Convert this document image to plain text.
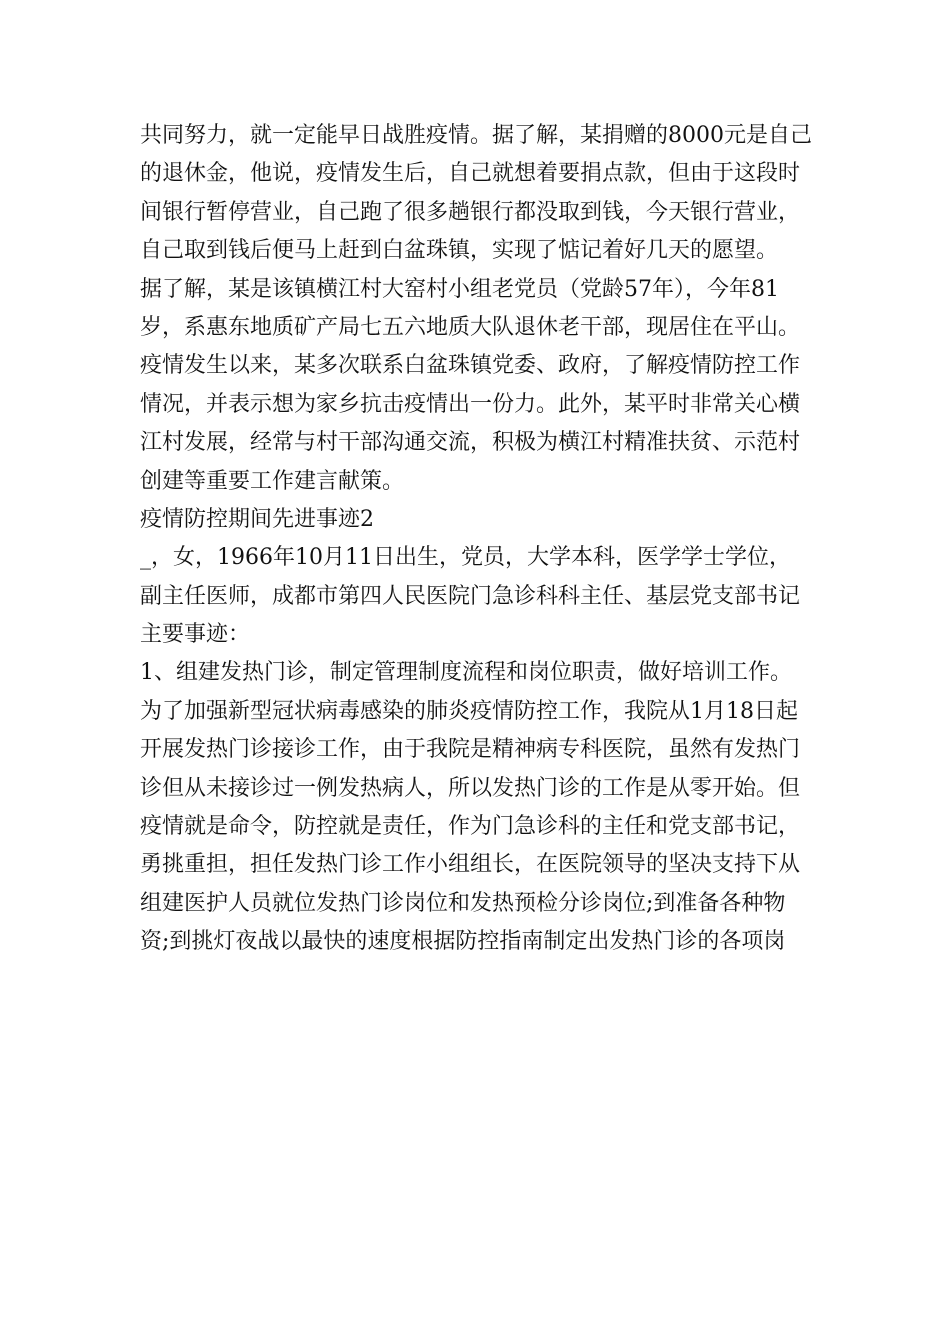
共同努力，就一定能早日战胜疫情。据了解，某捐赠的8000元是自己
的退休金，他说，疫情发生后，自己就想着要捐点款，但由于这段时
间银行暂停营业，自己跑了很多趟银行都没取到钱，今天银行营业，
自己取到钱后便马上赶到白盆珠镇，实现了惦记着好几天的愿望。
据了解，某是该镇横江村大窑村小组老党员（党龄57年），今年81
岁，系惠东地质矿产局七五六地质大队退休老干部，现居住在平山。
疫情发生以来，某多次联系白盆珠镇党委、政府，了解疫情防控工作
情况，并表示想为家乡抗击疫情出一份力。此外，某平时非常关心横
江村发展，经常与村干部沟通交流，积极为横江村精准扶贫、示范村
创建等重要工作建言献策。
疫情防控期间先进事迹2
_，女，1966年10月11日出生，党员，大学本科，医学学士学位，
副主任医师，成都市第四人民医院门急诊科科主任、基层党支部书记
主要事迹：
1、组建发热门诊，制定管理制度流程和岗位职责，做好培训工作。
为了加强新型冠状病毒感染的肺炎疫情防控工作，我院从1月18日起
开展发热门诊接诊工作，由于我院是精神病专科医院，虽然有发热门
诊但从未接诊过一例发热病人，所以发热门诊的工作是从零开始。但
疫情就是命令，防控就是责任，作为门急诊科的主任和党支部书记，
勇挑重担，担任发热门诊工作小组组长，在医院领导的坚决支持下从
组建医护人员就位发热门诊岗位和发热预检分诊岗位;到准备各种物
资;到挑灯夜战以最快的速度根据防控指南制定出发热门诊的各项岗
